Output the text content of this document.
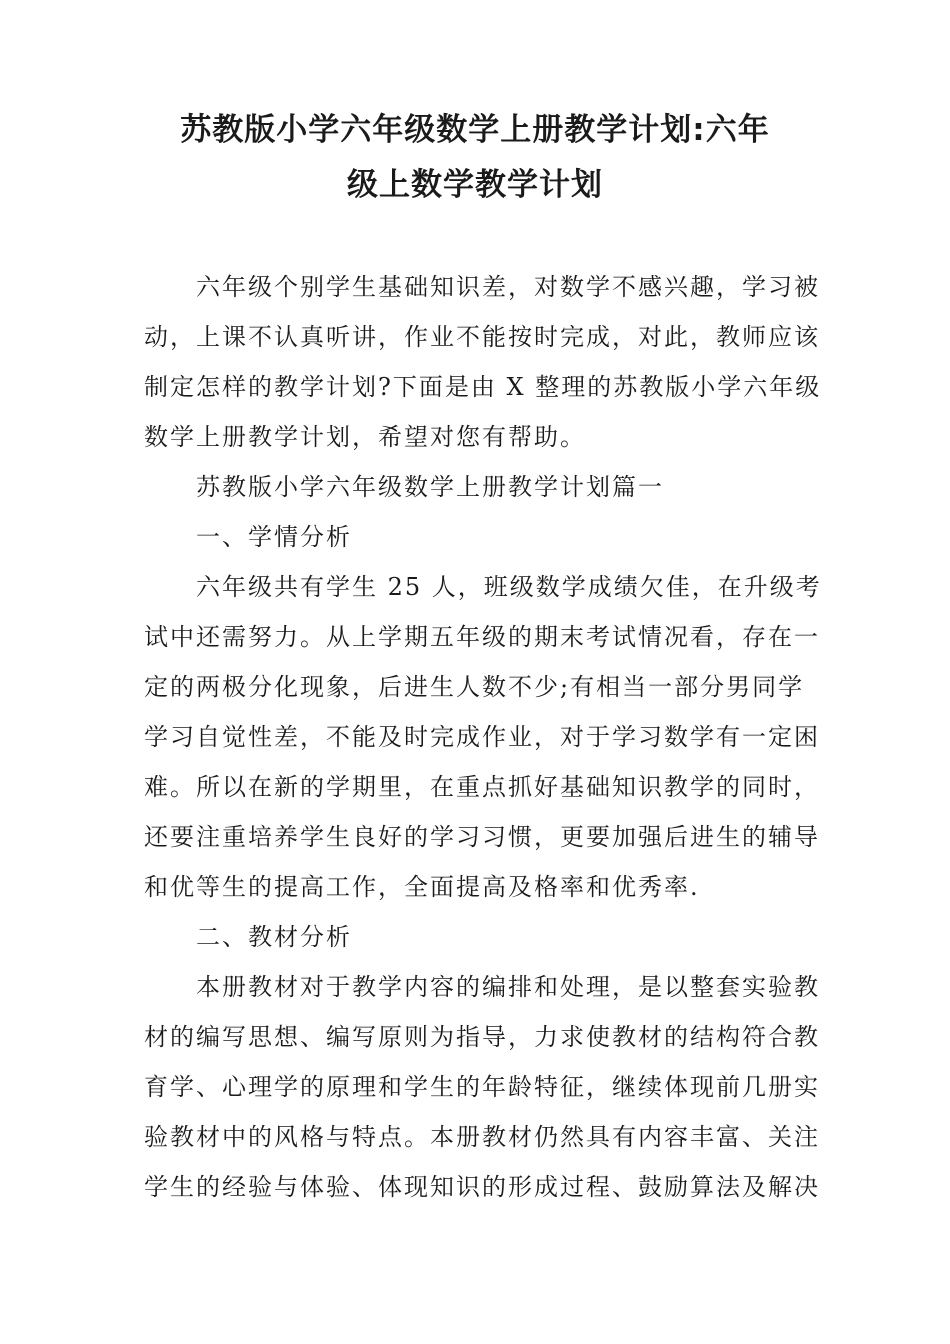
苏教版小学六年级数学上册教学计划:六年
级上数学教学计划

六年级个别学生基础知识差，对数学不感兴趣，学习被动，上课不认真听讲，作业不能按时完成，对此，教师应该制定怎样的教学计划?下面是由 X 整理的苏教版小学六年级数学上册教学计划，希望对您有帮助。

苏教版小学六年级数学上册教学计划篇一

一、学情分析

六年级共有学生 25 人，班级数学成绩欠佳，在升级考试中还需努力。从上学期五年级的期末考试情况看，存在一定的两极分化现象，后进生人数不少;有相当一部分男同学学习自觉性差，不能及时完成作业，对于学习数学有一定困难。所以在新的学期里，在重点抓好基础知识教学的同时，还要注重培养学生良好的学习习惯，更要加强后进生的辅导和优等生的提高工作，全面提高及格率和优秀率.

二、教材分析

本册教材对于教学内容的编排和处理，是以整套实验教材的编写思想、编写原则为指导，力求使教材的结构符合教育学、心理学的原理和学生的年龄特征，继续体现前几册实验教材中的风格与特点。本册教材仍然具有内容丰富、关注学生的经验与体验、体现知识的形成过程、鼓励算法及解决
